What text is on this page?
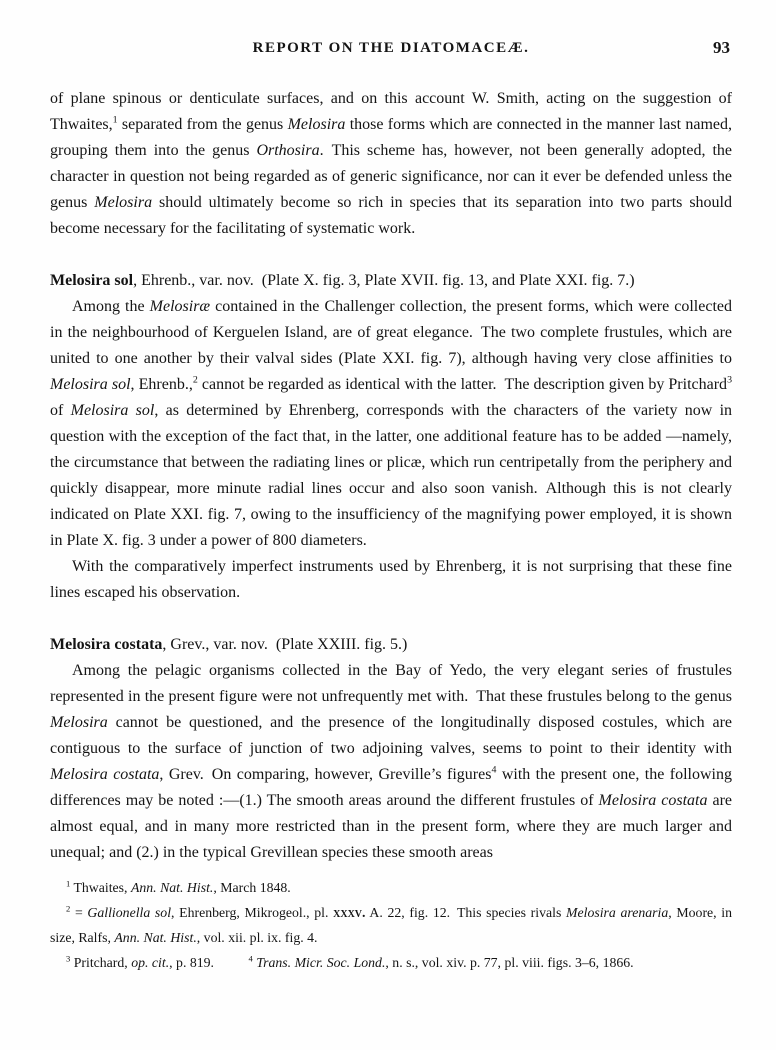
REPORT ON THE DIATOMACEÆ.	93

of plane spinous or denticulate surfaces, and on this account W. Smith, acting on the suggestion of Thwaites,$^1$ separated from the genus Melosira those forms which are connected in the manner last named, grouping them into the genus Orthosira. This scheme has, however, not been generally adopted, the character in question not being regarded as of generic significance, nor can it ever be defended unless the genus Melosira should ultimately become so rich in species that its separation into two parts should become necessary for the facilitating of systematic work.

Melosira sol, Ehrenb., var. nov. (Plate X. fig. 3, Plate XVII. fig. 13, and Plate XXI. fig. 7.)

Among the Melosiræ contained in the Challenger collection, the present forms, which were collected in the neighbourhood of Kerguelen Island, are of great elegance. The two complete frustules, which are united to one another by their valval sides (Plate XXI. fig. 7), although having very close affinities to Melosira sol, Ehrenb.,$^2$ cannot be regarded as identical with the latter. The description given by Pritchard$^3$ of Melosira sol, as determined by Ehrenberg, corresponds with the characters of the variety now in question with the exception of the fact that, in the latter, one additional feature has to be added —namely, the circumstance that between the radiating lines or plicæ, which run centripetally from the periphery and quickly disappear, more minute radial lines occur and also soon vanish. Although this is not clearly indicated on Plate XXI. fig. 7, owing to the insufficiency of the magnifying power employed, it is shown in Plate X. fig. 3 under a power of 800 diameters.

With the comparatively imperfect instruments used by Ehrenberg, it is not surprising that these fine lines escaped his observation.

Melosira costata, Grev., var. nov. (Plate XXIII. fig. 5.)

Among the pelagic organisms collected in the Bay of Yedo, the very elegant series of frustules represented in the present figure were not unfrequently met with. That these frustules belong to the genus Melosira cannot be questioned, and the presence of the longitudinally disposed costules, which are contiguous to the surface of junction of two adjoining valves, seems to point to their identity with Melosira costata, Grev. On comparing, however, Greville’s figures$^4$ with the present one, the following differences may be noted :—(1.) The smooth areas around the different frustules of Melosira costata are almost equal, and in many more restricted than in the present form, where they are much larger and unequal; and (2.) in the typical Grevillean species these smooth areas

$^1$ Thwaites, Ann. Nat. Hist., March 1848.

$^2$ = Gallionella sol, Ehrenberg, Mikrogeol., pl. xxxv. A. 22, fig. 12. This species rivals Melosira arenaria, Moore, in size, Ralfs, Ann. Nat. Hist., vol. xii. pl. ix. fig. 4.

$^3$ Pritchard, op. cit., p. 819.	$^4$ Trans. Micr. Soc. Lond., n. s., vol. xiv. p. 77, pl. viii. figs. 3–6, 1866.
